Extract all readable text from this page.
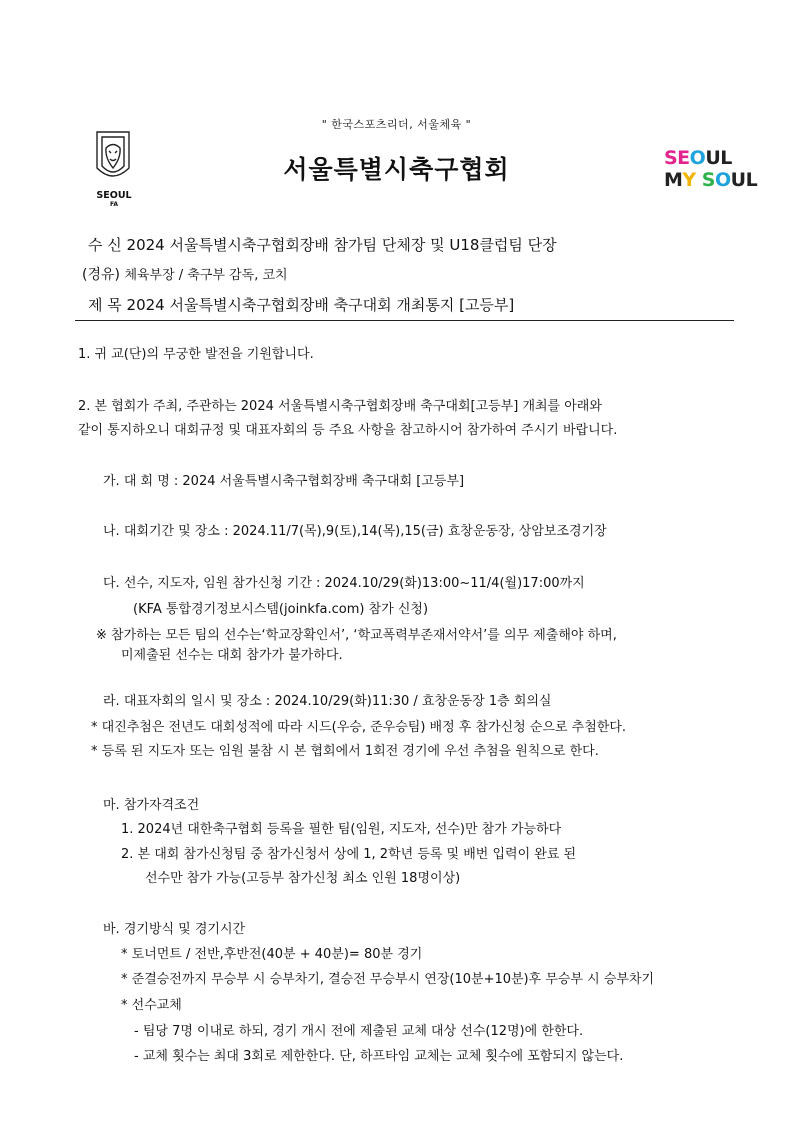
" 한국스포츠리더, 서울체육 "
SEOUL
FA
서울특별시축구협회	SEOUL
MY SOUL
수 신 2024 서울특별시축구협회장배 참가팀 단체장 및 U18클럽팀 단장
(경유) 체육부장 / 축구부 감독, 코치
제 목 2024 서울특별시축구협회장배 축구대회 개최통지 [고등부]
1. 귀 교(단)의 무궁한 발전을 기원합니다.
2. 본 협회가 주최, 주관하는 2024 서울특별시축구협회장배 축구대회[고등부] 개최를 아래와
같이 통지하오니 대회규정 및 대표자회의 등 주요 사항을 참고하시어 참가하여 주시기 바랍니다.
가. 대 회 명 : 2024 서울특별시축구협회장배 축구대회 [고등부]
나. 대회기간 및 장소 : 2024.11/7(목),9(토),14(목),15(금) 효창운동장, 상암보조경기장
다. 선수, 지도자, 임원 참가신청 기간 : 2024.10/29(화)13:00~11/4(월)17:00까지
(KFA 통합경기정보시스템(joinkfa.com) 참가 신청)
※ 참가하는 모든 팀의 선수는‘학교장확인서’, ‘학교폭력부존재서약서’를 의무 제출해야 하며,
미제출된 선수는 대회 참가가 불가하다.
라. 대표자회의 일시 및 장소 : 2024.10/29(화)11:30 / 효창운동장 1층 회의실
* 대진추첨은 전년도 대회성적에 따라 시드(우승, 준우승팀) 배정 후 참가신청 순으로 추첨한다.
* 등록 된 지도자 또는 임원 불참 시 본 협회에서 1회전 경기에 우선 추첨을 원칙으로 한다.
마. 참가자격조건
1. 2024년 대한축구협회 등록을 필한 팀(임원, 지도자, 선수)만 참가 가능하다
2. 본 대회 참가신청팀 중 참가신청서 상에 1, 2학년 등록 및 배번 입력이 완료 된
선수만 참가 가능(고등부 참가신청 최소 인원 18명이상)
바. 경기방식 및 경기시간
* 토너먼트 / 전반,후반전(40분 + 40분)= 80분 경기
* 준결승전까지 무승부 시 승부차기, 결승전 무승부시 연장(10분+10분)후 무승부 시 승부차기
* 선수교체
- 팀당 7명 이내로 하되, 경기 개시 전에 제출된 교체 대상 선수(12명)에 한한다.
- 교체 횟수는 최대 3회로 제한한다. 단, 하프타임 교체는 교체 횟수에 포함되지 않는다.
